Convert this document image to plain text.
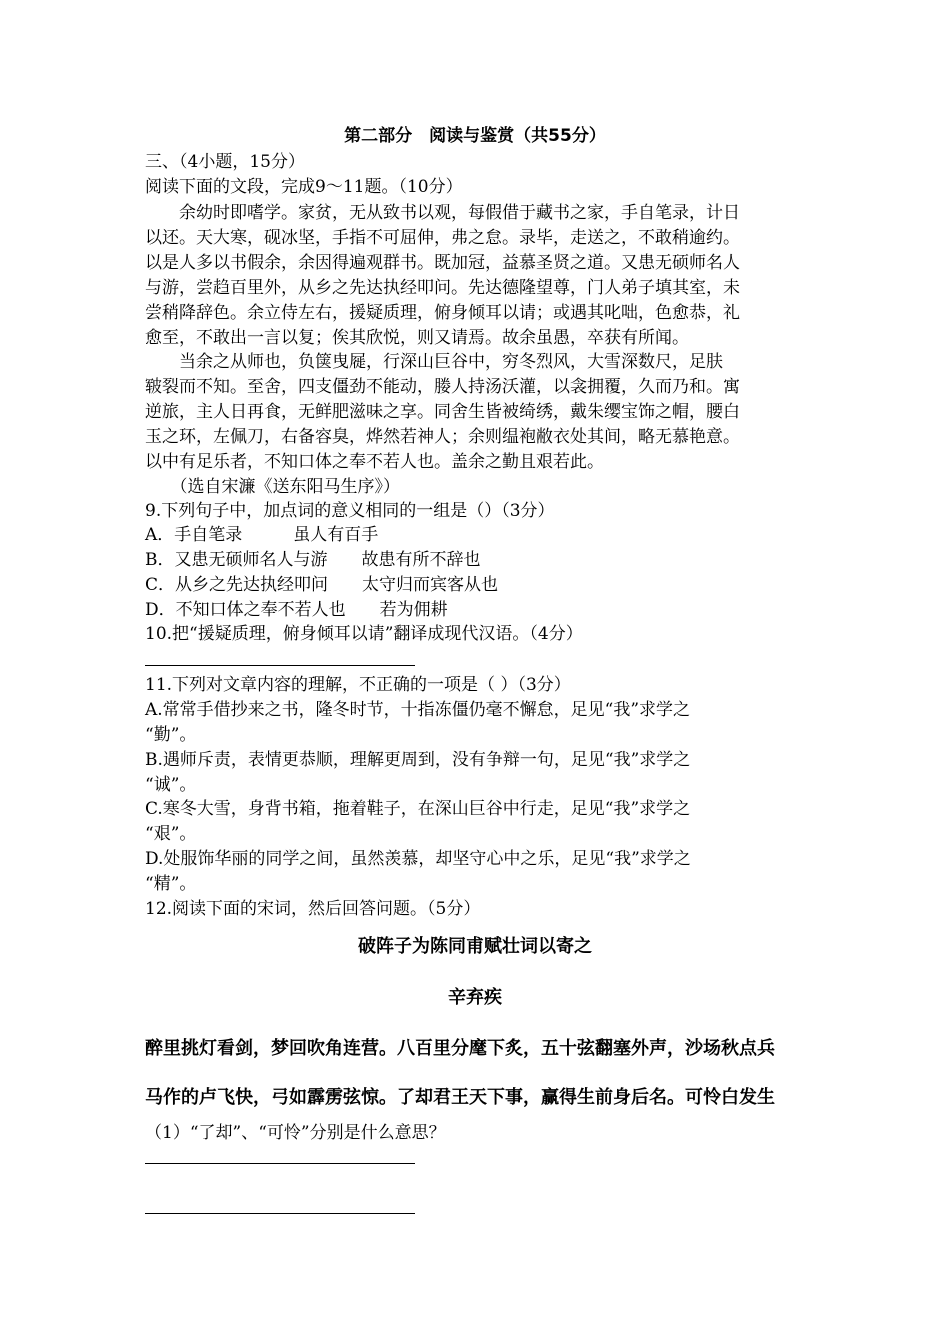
第二部分　阅读与鉴赏（共55分）
三、（4小题，15分）
阅读下面的文段，完成9～11题。（10分）
　　余幼时即嗜学。家贫，无从致书以观，每假借于藏书之家，手自笔录，计日
以还。天大寒，砚冰坚，手指不可屈伸，弗之怠。录毕，走送之，不敢稍逾约。
以是人多以书假余，余因得遍观群书。既加冠，益慕圣贤之道。又患无硕师名人
与游，尝趋百里外，从乡之先达执经叩问。先达德隆望尊，门人弟子填其室，未
尝稍降辞色。余立侍左右，援疑质理，俯身倾耳以请；或遇其叱咄，色愈恭，礼
愈至，不敢出一言以复；俟其欣悦，则又请焉。故余虽愚，卒获有所闻。
　　当余之从师也，负箧曳屣，行深山巨谷中，穷冬烈风，大雪深数尺，足肤
皲裂而不知。至舍，四支僵劲不能动，媵人持汤沃灌，以衾拥覆，久而乃和。寓
逆旅，主人日再食，无鲜肥滋味之享。同舍生皆被绮绣，戴朱缨宝饰之帽，腰白
玉之环，左佩刀，右备容臭，烨然若神人；余则缊袍敝衣处其间，略无慕艳意。
以中有足乐者，不知口体之奉不若人也。盖余之勤且艰若此。
　　（选自宋濂《送东阳马生序》）
9.下列句子中，加点词的意义相同的一组是（）（3分）
A．手自笔录　　　虽人有百手
B．又患无硕师名人与游　　故患有所不辞也
C．从乡之先达执经叩问　　太守归而宾客从也
D．不知口体之奉不若人也　　若为佣耕
10.把“援疑质理，俯身倾耳以请”翻译成现代汉语。（4分）
11.下列对文章内容的理解，不正确的一项是（ ）（3分）
A.常常手借抄来之书，隆冬时节，十指冻僵仍毫不懈怠，足见“我”求学之
“勤”。
B.遇师斥责，表情更恭顺，理解更周到，没有争辩一句，足见“我”求学之
“诚”。
C.寒冬大雪，身背书箱，拖着鞋子，在深山巨谷中行走，足见“我”求学之
“艰”。
D.处服饰华丽的同学之间，虽然羡慕，却坚守心中之乐，足见“我”求学之
“精”。
12.阅读下面的宋词，然后回答问题。（5分）
破阵子为陈同甫赋壮词以寄之
辛弃疾
醉里挑灯看剑，梦回吹角连营。八百里分麾下炙，五十弦翻塞外声，沙场秋点兵
马作的卢飞快，弓如霹雳弦惊。了却君王天下事，赢得生前身后名。可怜白发生
（1）“了却”、“可怜”分别是什么意思？
